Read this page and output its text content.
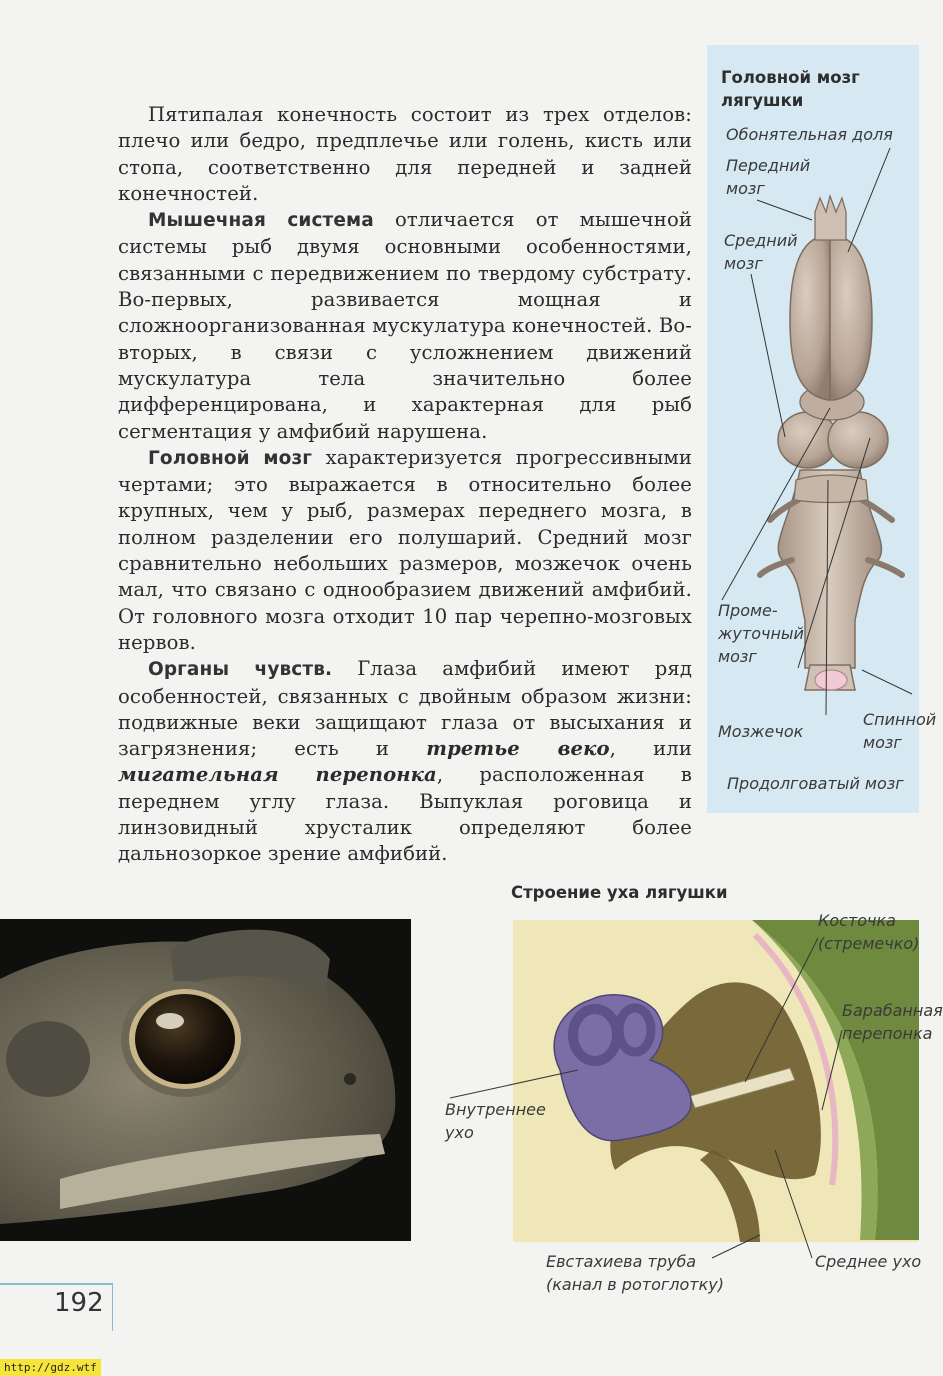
Пятипалая конечность состоит из трех отделов: плечо или бедро, предплечье или голень, кисть или стопа, соответственно для передней и задней конечностей.

Мышечная система отличается от мышечной системы рыб двумя основными особенностями, связанными с передвижением по твердому субстрату. Во-первых, развивается мощная и сложноорганизованная мускулатура конечностей. Во-вторых, в связи с усложнением движений мускулатура тела значительно более дифференцирована, и характерная для рыб сегментация у амфибий нарушена.

Головной мозг характеризуется прогрессивными чертами; это выражается в относительно более крупных, чем у рыб, размерах переднего мозга, в полном разделении его полушарий. Средний мозг сравнительно небольших размеров, мозжечок очень мал, что связано с однообразием движений амфибий. От головного мозга отходит 10 пар черепно-мозговых нервов.

Органы чувств. Глаза амфибий имеют ряд особенностей, связанных с двойным образом жизни: подвижные веки защищают глаза от высыхания и загрязнения; есть и третье веко, или мигательная перепонка, расположенная в переднем углу глаза. Выпуклая роговица и линзовидный хрусталик определяют более дальнозоркое зрение амфибий.

Головной мозг
лягушки
Обонятельная доля
Передний
мозг
Средний
мозг
Проме-
жуточный
мозг
Мозжечок
Спинной
мозг
Продолговатый мозг
Строение уха лягушки
Косточка
(стремечко)
Барабанная
перепонка
Внутреннее
ухо
Евстахиева труба
(канал в ротоглотку)
Среднее ухо
192
http://gdz.wtf
